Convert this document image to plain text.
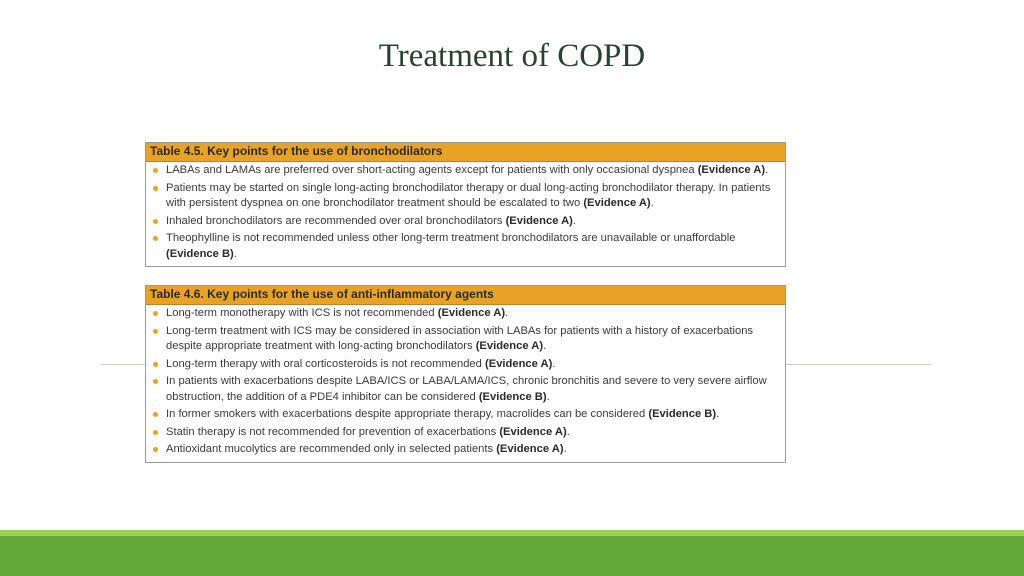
Treatment of COPD
Table 4.5. Key points for the use of bronchodilators
LABAs and LAMAs are preferred over short-acting agents except for patients with only occasional dyspnea (Evidence A).
Patients may be started on single long-acting bronchodilator therapy or dual long-acting bronchodilator therapy. In patients with persistent dyspnea on one bronchodilator treatment should be escalated to two (Evidence A).
Inhaled bronchodilators are recommended over oral bronchodilators (Evidence A).
Theophylline is not recommended unless other long-term treatment bronchodilators are unavailable or unaffordable (Evidence B).
Table 4.6. Key points for the use of anti-inflammatory agents
Long-term monotherapy with ICS is not recommended (Evidence A).
Long-term treatment with ICS may be considered in association with LABAs for patients with a history of exacerbations despite appropriate treatment with long-acting bronchodilators (Evidence A).
Long-term therapy with oral corticosteroids is not recommended (Evidence A).
In patients with exacerbations despite LABA/ICS or LABA/LAMA/ICS, chronic bronchitis and severe to very severe airflow obstruction, the addition of a PDE4 inhibitor can be considered (Evidence B).
In former smokers with exacerbations despite appropriate therapy, macrolides can be considered (Evidence B).
Statin therapy is not recommended for prevention of exacerbations (Evidence A).
Antioxidant mucolytics are recommended only in selected patients (Evidence A).
